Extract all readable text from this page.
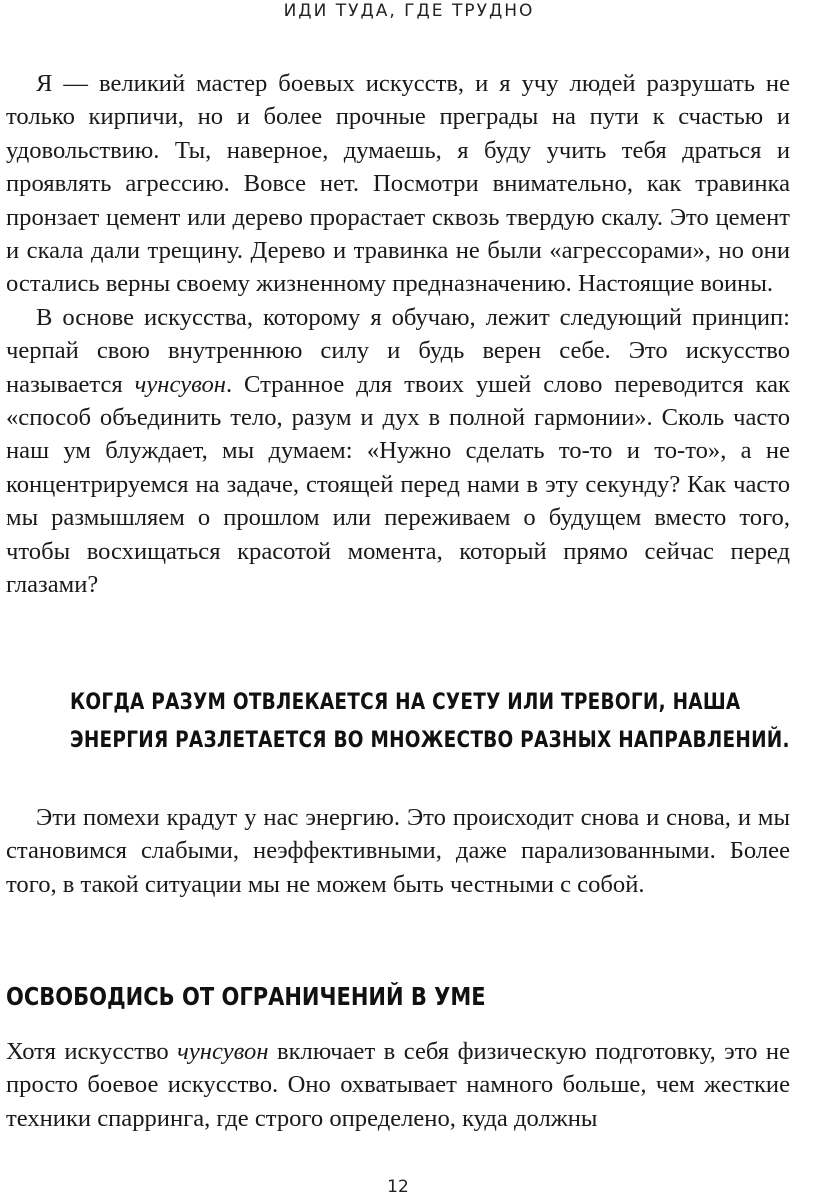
ИДИ ТУДА, ГДЕ ТРУДНО

Я — великий мастер боевых искусств, и я учу людей разрушать не только кирпичи, но и более прочные преграды на пути к счастью и удовольствию. Ты, наверное, думаешь, я буду учить тебя драться и проявлять агрессию. Вовсе нет. Посмотри внимательно, как травинка пронзает цемент или дерево прорастает сквозь твердую скалу. Это цемент и скала дали трещину. Дерево и травинка не были «агрессорами», но они остались верны своему жизненному предназначению. Настоящие воины.

В основе искусства, которому я обучаю, лежит следующий принцип: черпай свою внутреннюю силу и будь верен себе. Это искусство называется чунсувон. Странное для твоих ушей слово переводится как «способ объединить тело, разум и дух в полной гармонии». Сколь часто наш ум блуждает, мы думаем: «Нужно сделать то-то и то-то», а не концентрируемся на задаче, стоящей перед нами в эту секунду? Как часто мы размышляем о прошлом или переживаем о будущем вместо того, чтобы восхищаться красотой момента, который прямо сейчас перед глазами?

КОГДА РАЗУМ ОТВЛЕКАЕТСЯ НА СУЕТУ ИЛИ ТРЕВОГИ, НАША
ЭНЕРГИЯ РАЗЛЕТАЕТСЯ ВО МНОЖЕСТВО РАЗНЫХ НАПРАВЛЕНИЙ.

Эти помехи крадут у нас энергию. Это происходит снова и снова, и мы становимся слабыми, неэффективными, даже парализованными. Более того, в такой ситуации мы не можем быть честными с собой.

ОСВОБОДИСЬ ОТ ОГРАНИЧЕНИЙ В УМЕ

Хотя искусство чунсувон включает в себя физическую подготовку, это не просто боевое искусство. Оно охватывает намного больше, чем жесткие техники спарринга, где строго определено, куда должны

12
